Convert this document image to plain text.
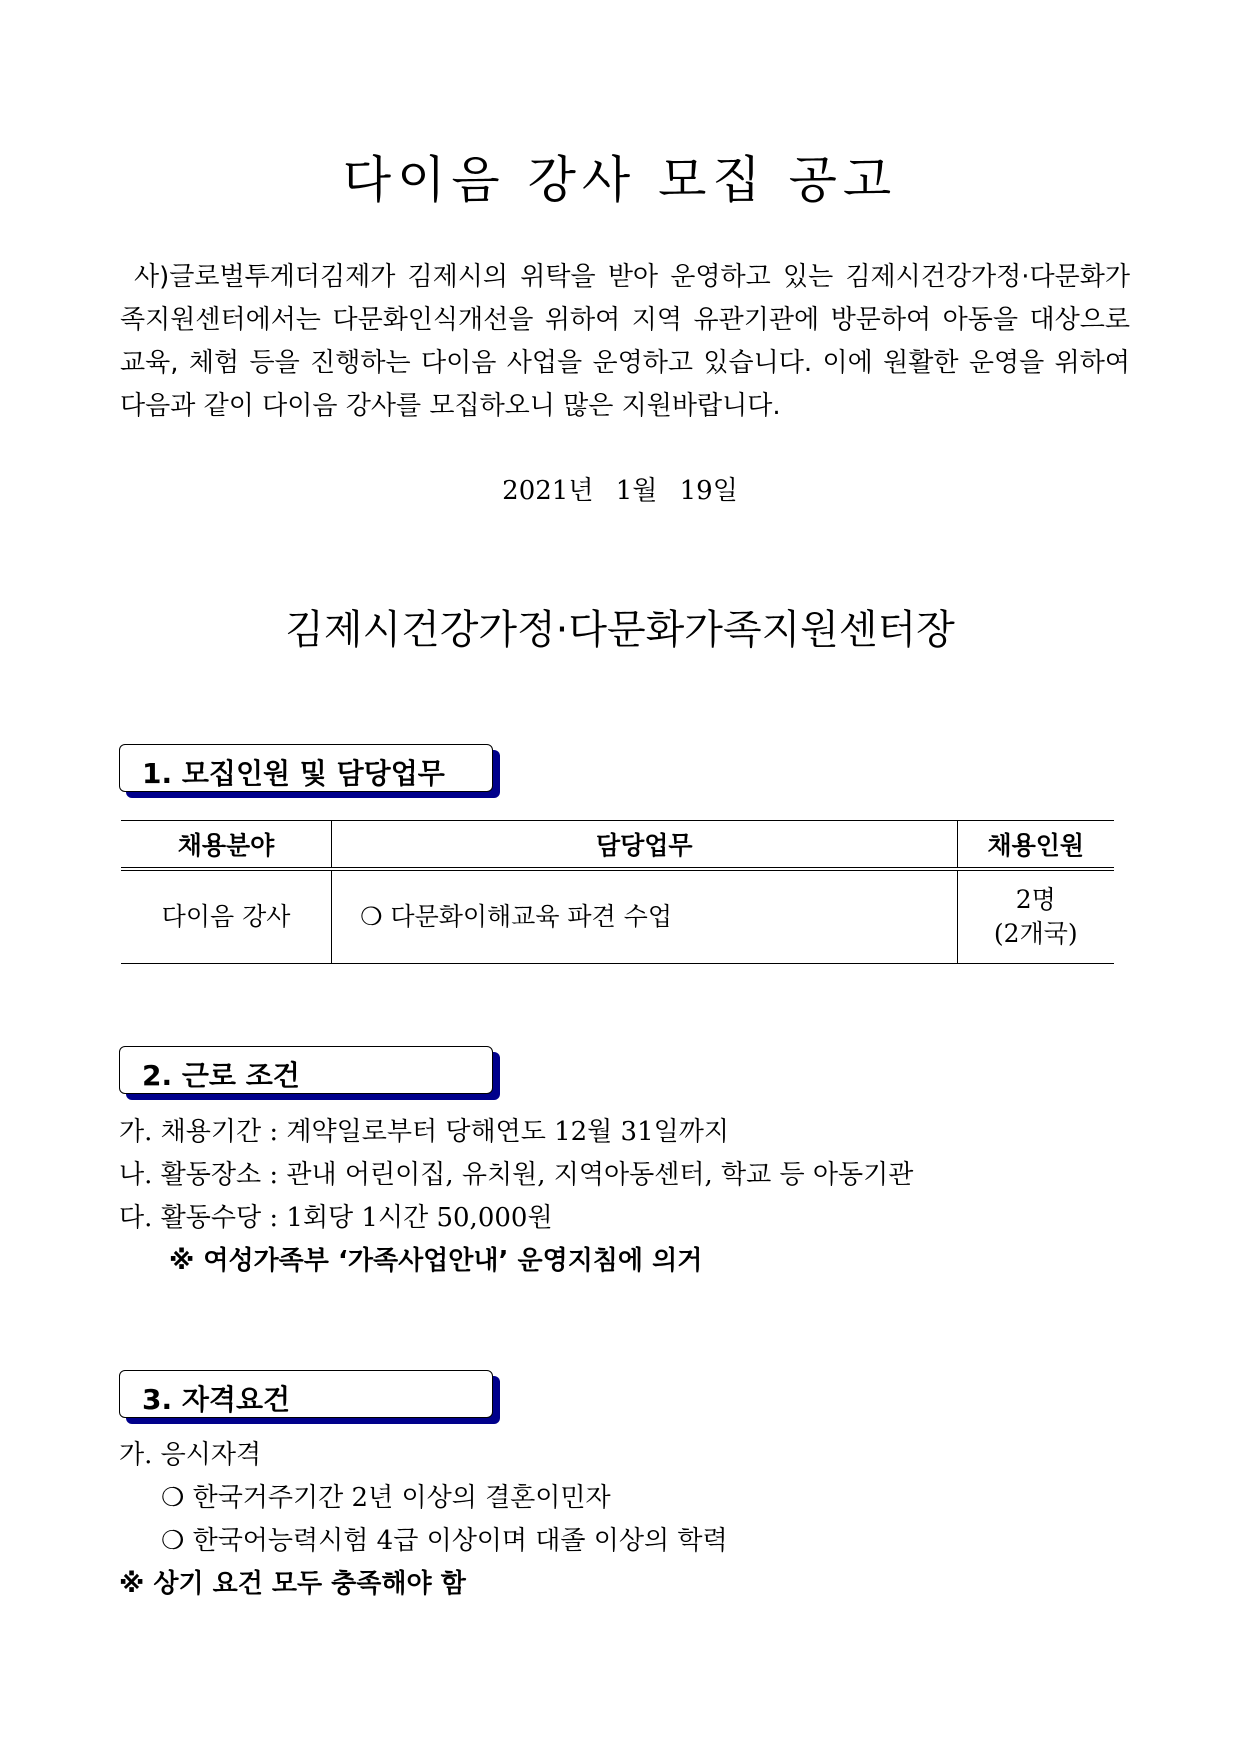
다이음 강사 모집 공고

사)글로벌투게더김제가 김제시의 위탁을 받아 운영하고 있는 김제시건강가정·다문화가족지원센터에서는 다문화인식개선을 위하여 지역 유관기관에 방문하여 아동을 대상으로 교육, 체험 등을 진행하는 다이음 사업을 운영하고 있습니다. 이에 원활한 운영을 위하여 다음과 같이 다이음 강사를 모집하오니 많은 지원바랍니다.

2021년 1월 19일
김제시건강가정·다문화가족지원센터장
1. 모집인원 및 담당업무
채용분야	담당업무	채용인원
다이음 강사	❍ 다문화이해교육 파견 수업	2명
(2개국)
2. 근로 조건
가. 채용기간 : 계약일로부터 당해연도 12월 31일까지
나. 활동장소 : 관내 어린이집, 유치원, 지역아동센터, 학교 등 아동기관
다. 활동수당 : 1회당 1시간 50,000원
※ 여성가족부 ‘가족사업안내’ 운영지침에 의거
3. 자격요건
가. 응시자격
❍ 한국거주기간 2년 이상의 결혼이민자
❍ 한국어능력시험 4급 이상이며 대졸 이상의 학력
※ 상기 요건 모두 충족해야 함
